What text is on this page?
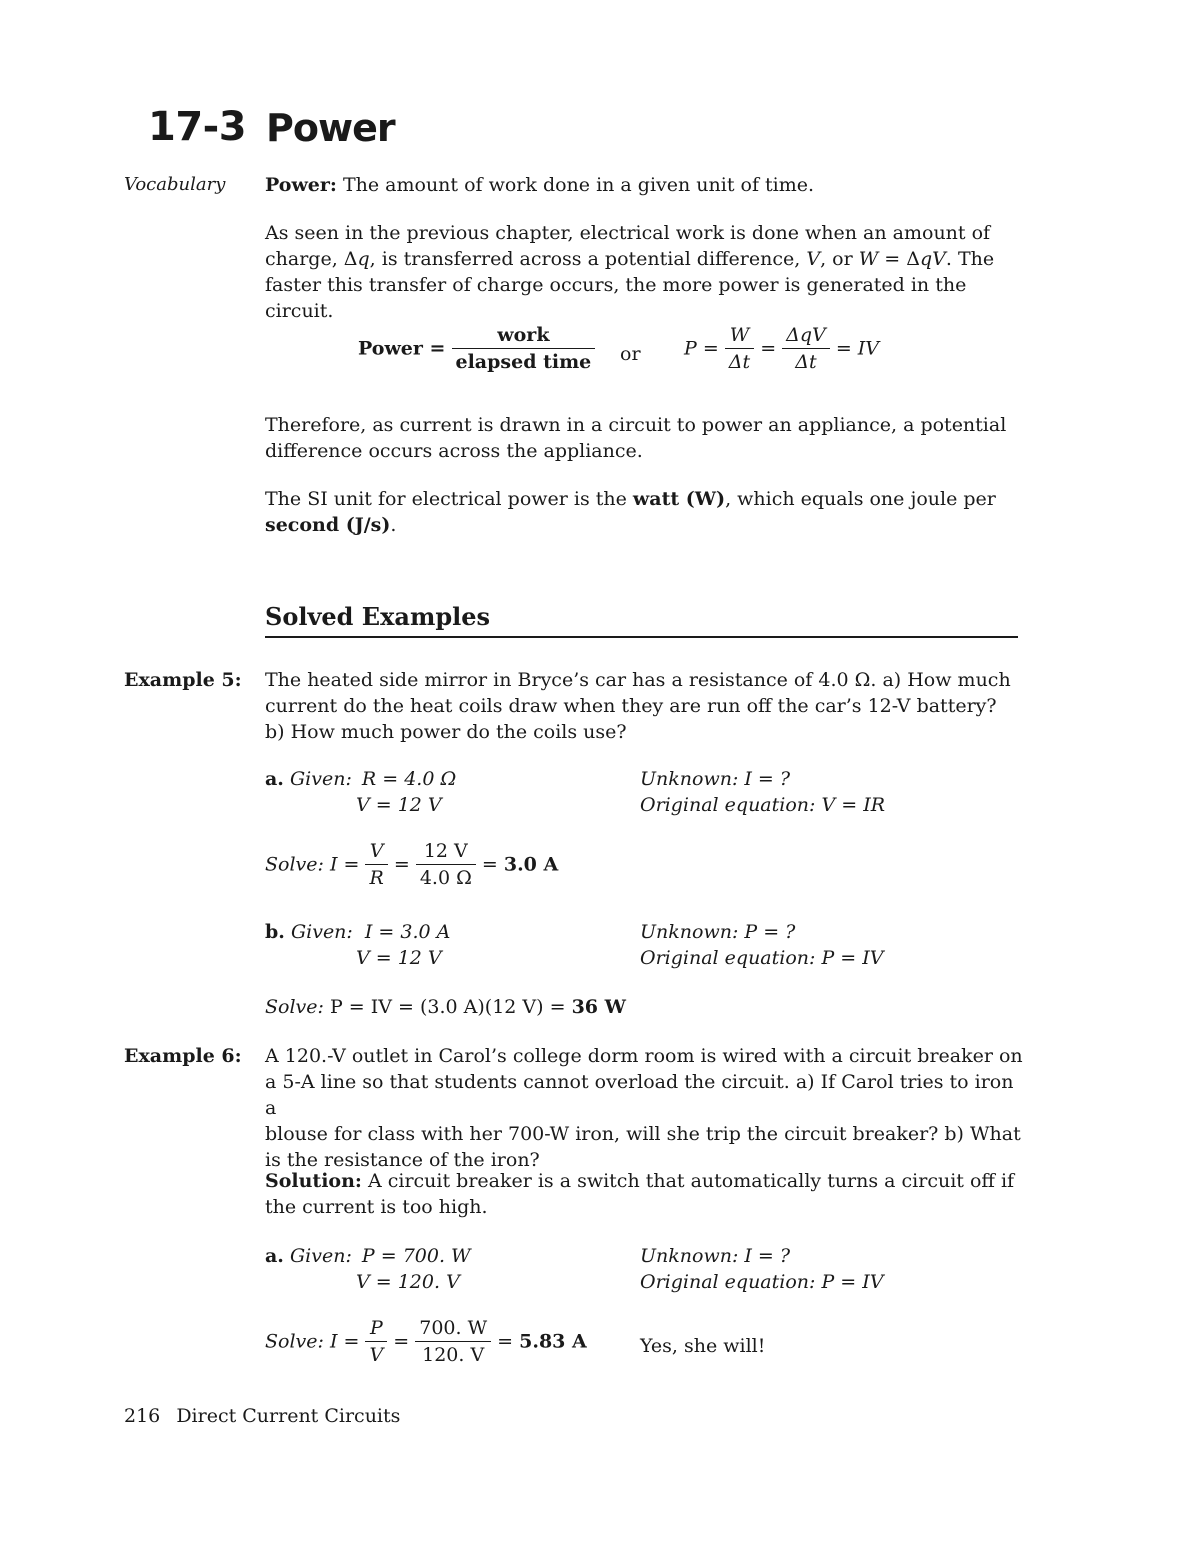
17-3 Power
Vocabulary Power: The amount of work done in a given unit of time.
As seen in the previous chapter, electrical work is done when an amount of
charge, Δq, is transferred across a potential difference, V, or W = ΔqV. The
faster this transfer of charge occurs, the more power is generated in the circuit.
Power = $\frac{\text{work}}{\text{elapsed time}}$ or $P = \frac{W}{\Delta t} = \frac{\text{ΔqV}}{\Delta t}$ = IV
Therefore, as current is drawn in a circuit to power an appliance, a potential
difference occurs across the appliance.
The SI unit for electrical power is the watt (W), which equals one joule per
second (J/s).
Solved Examples
Example 5: The heated side mirror in Bryce’s car has a resistance of 4.0 Ω. a) How much
current do the heat coils draw when they are run off the car’s 12-V battery?
b) How much power do the coils use?
a. Given: R = 4.0 Ω
V = 12 V
Unknown: I = ?
Original equation: V = IR
Solve: $I = \frac{V}{R} = \frac{12 V}{4.0 \Omega} = 3.0$ A
b. Given: I = 3.0 A
V = 12 V
Unknown: P = ?
Original equation: P = IV
Solve: P = IV = (3.0 A)(12 V) = 36 W
Example 6: A 120.-V outlet in Carol’s college dorm room is wired with a circuit breaker on
a 5-A line so that students cannot overload the circuit. a) If Carol tries to iron a
blouse for class with her 700-W iron, will she trip the circuit breaker? b) What
is the resistance of the iron?
Solution: A circuit breaker is a switch that automatically turns a circuit off if
the current is too high.
a. Given: P = 700. W
V = 120. V
Unknown: I = ?
Original equation: P = IV
Solve: $I = \frac{P}{V} = \frac{700. W}{120. V} = 5.83$ A	Yes, she will!
216 Direct Current Circuits
